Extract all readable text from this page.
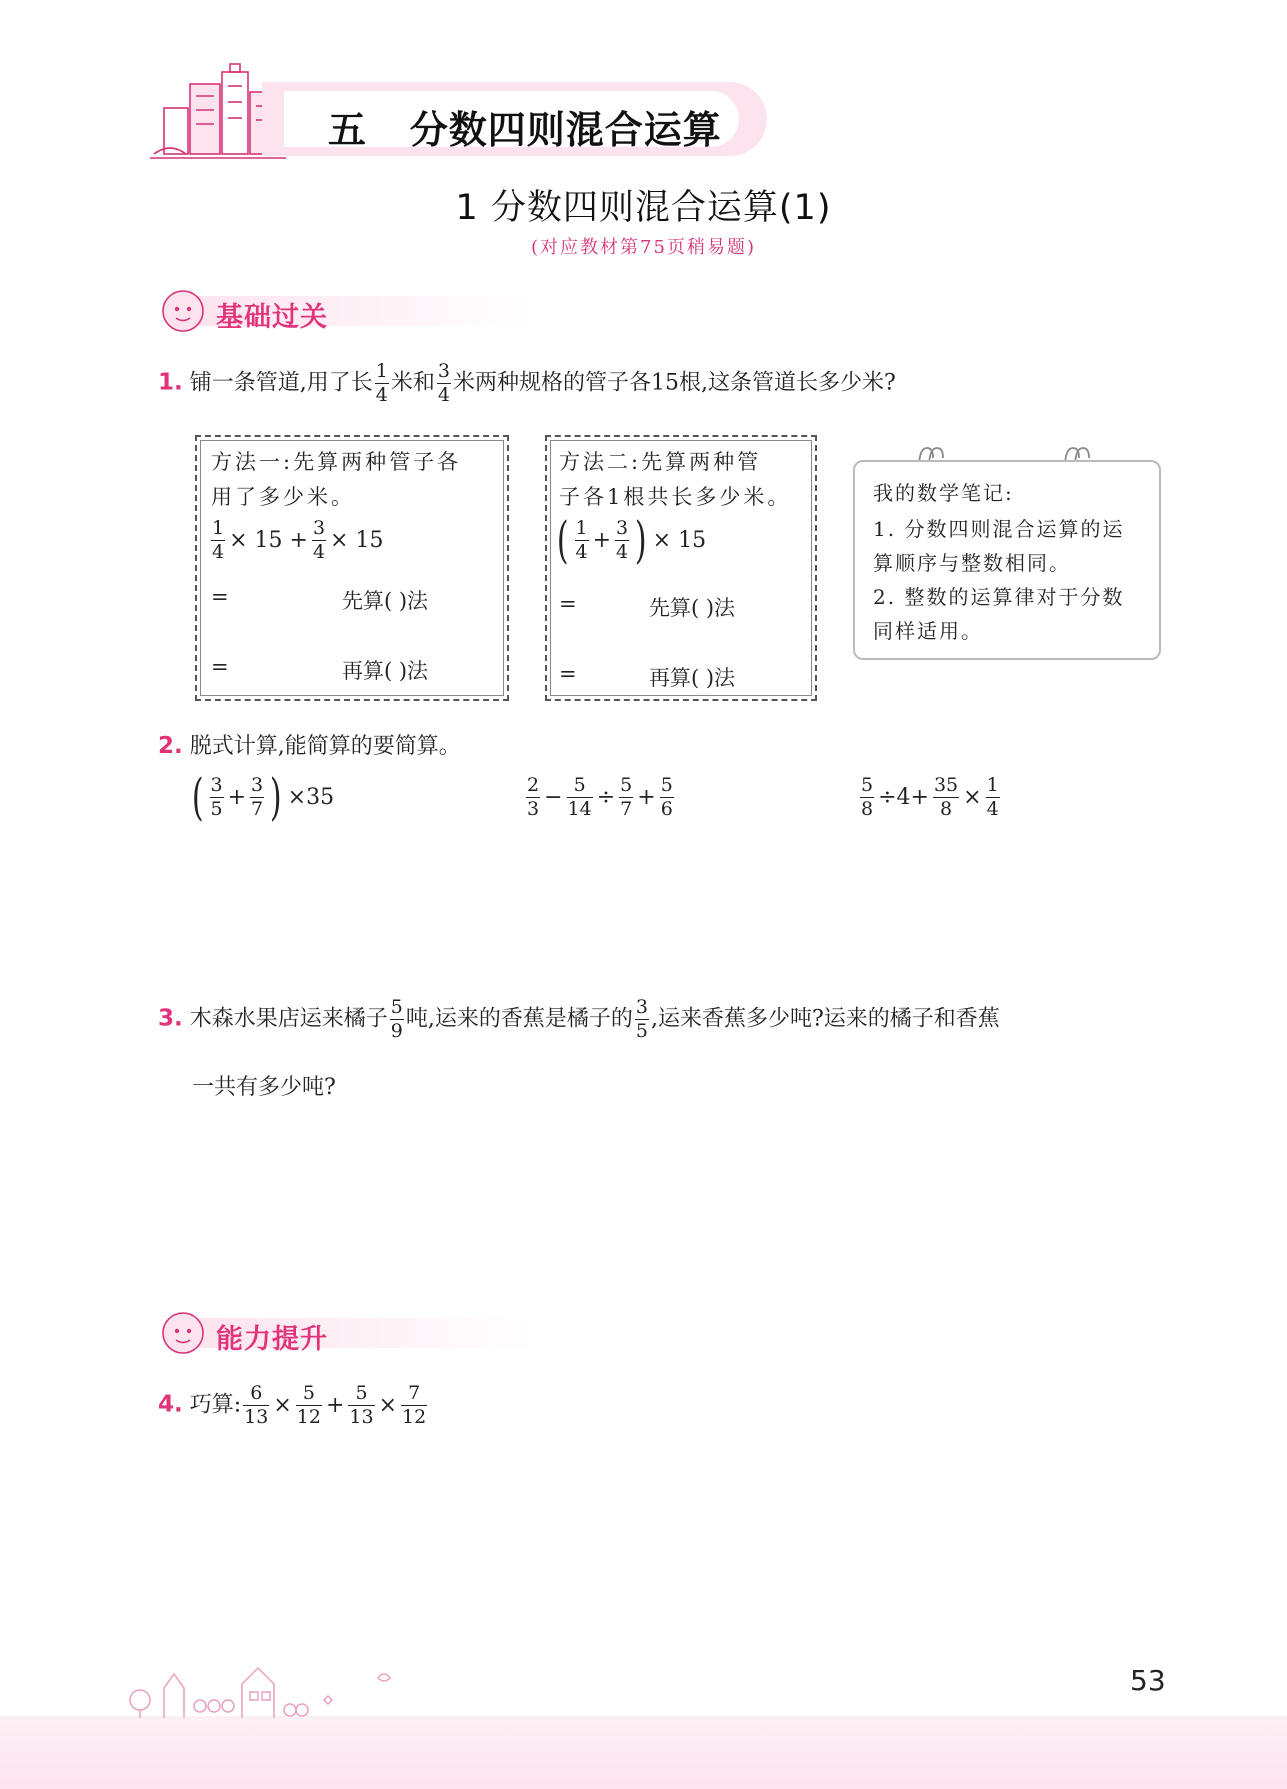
五 分数四则混合运算
1 分数四则混合运算(1)
(对应教材第75页稍易题)
基础过关
1. 铺一条管道,用了长 $\frac{1}{4}$ 米和 $\frac{3}{4}$ 米两种规格的管子各15根,这条管道长多少米?
方法一:先算两种管子各
用了多少米。
$\frac{1}{4} \times 15 + \frac{3}{4} \times 15$
=	先算( )法
=	再算( )法
方法二:先算两种管
子各1根共长多少米。
( $\frac{1}{4} + \frac{3}{4}$ ) × 15
=	先算( )法
=	再算( )法
我的数学笔记:
1. 分数四则混合运算的运
算顺序与整数相同。
2. 整数的运算律对于分数
同样适用。
2. 脱式计算,能简算的要简算。
( $\frac{3}{5} + \frac{3}{7}$ ) ×35	$\frac{2}{3} - \frac{5}{14} \div \frac{5}{7} + \frac{5}{6}$	$\frac{5}{8} \div 4+ \frac{35}{8} \times \frac{1}{4}$
3. 木森水果店运来橘子 $\frac{5}{9}$ 吨,运来的香蕉是橘子的 $\frac{3}{5}$ ,运来香蕉多少吨?运来的橘子和香蕉
一共有多少吨?
能力提升
4. 巧算: $\frac{6}{13} \times \frac{5}{12} + \frac{5}{13} \times \frac{7}{12}$
53
